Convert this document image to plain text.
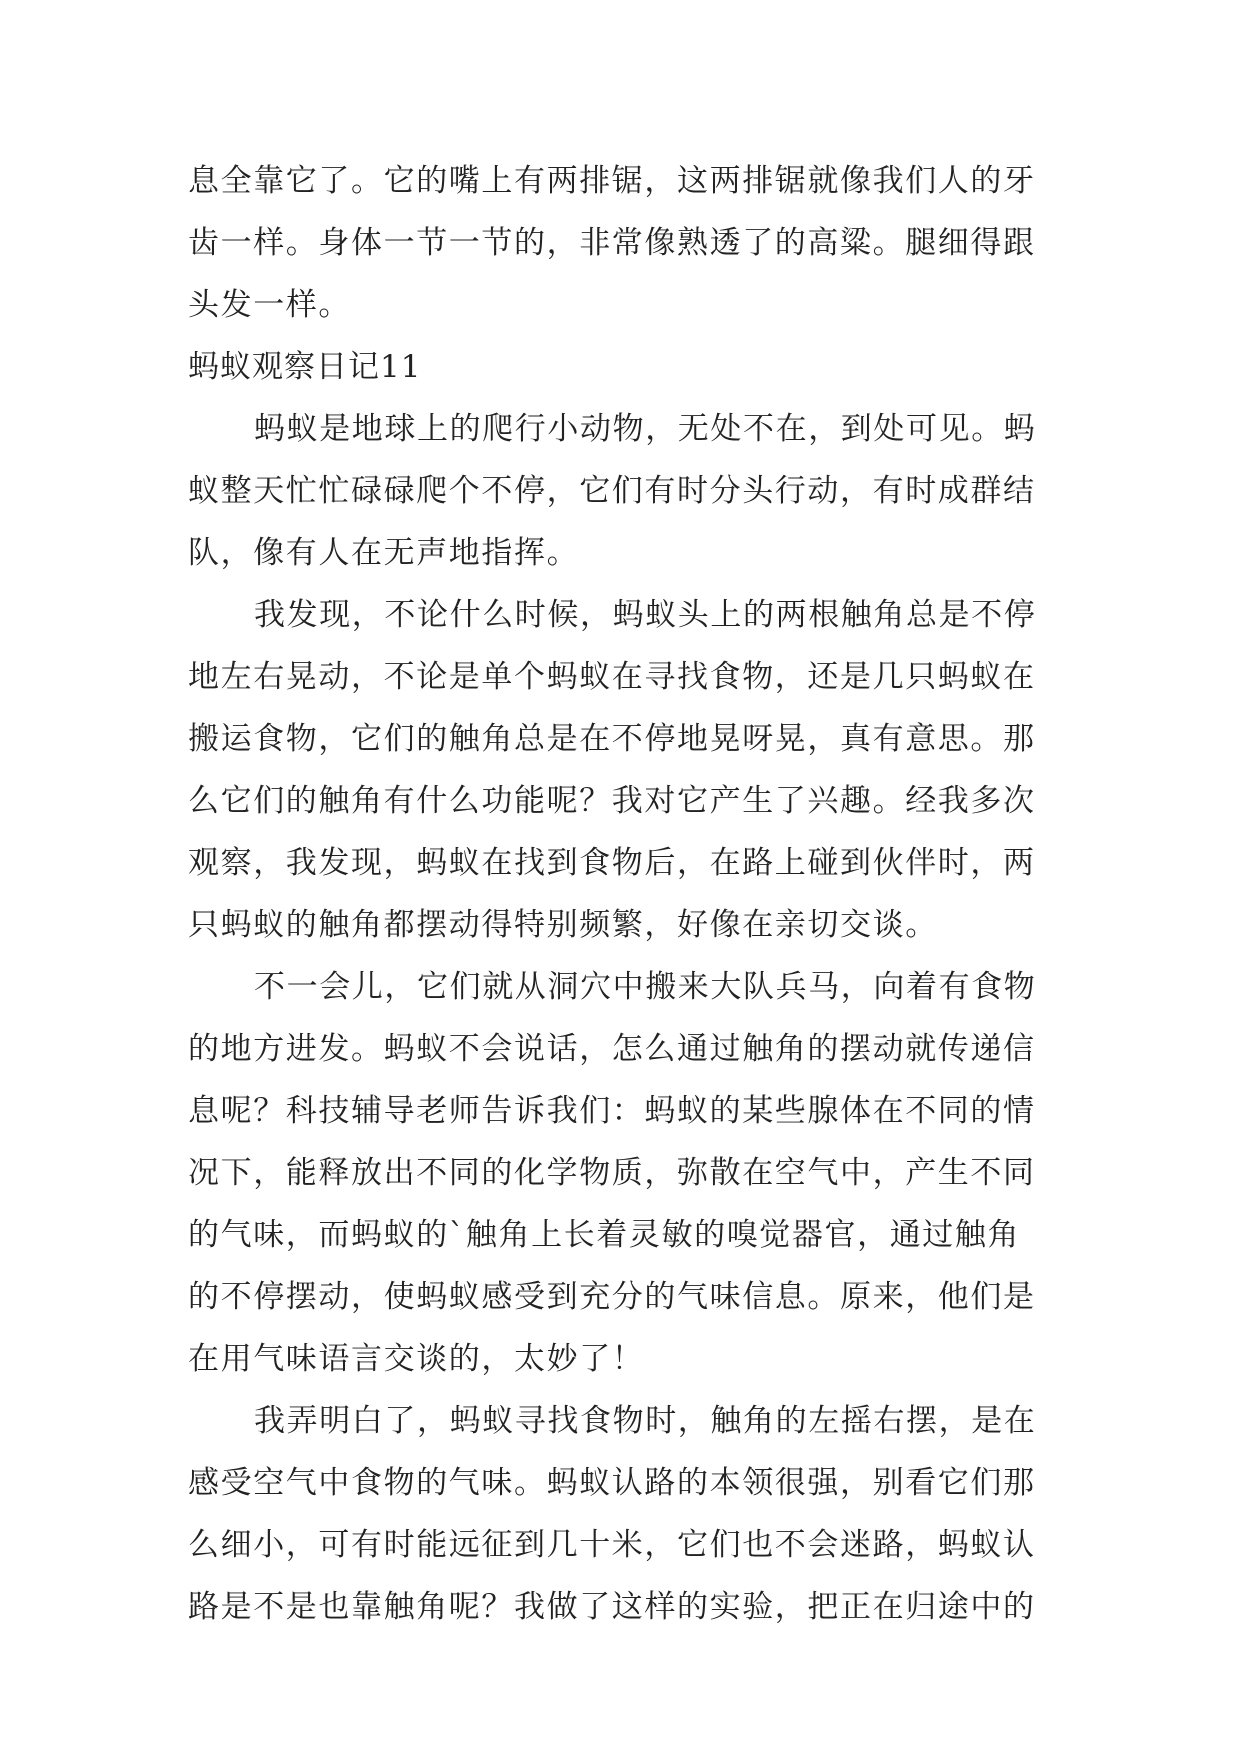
息全靠它了。它的嘴上有两排锯，这两排锯就像我们人的牙
齿一样。身体一节一节的，非常像熟透了的高粱。腿细得跟
头发一样。
蚂蚁观察日记11
蚂蚁是地球上的爬行小动物，无处不在，到处可见。蚂
蚁整天忙忙碌碌爬个不停，它们有时分头行动，有时成群结
队，像有人在无声地指挥。
我发现，不论什么时候，蚂蚁头上的两根触角总是不停
地左右晃动，不论是单个蚂蚁在寻找食物，还是几只蚂蚁在
搬运食物，它们的触角总是在不停地晃呀晃，真有意思。那
么它们的触角有什么功能呢？我对它产生了兴趣。经我多次
观察，我发现，蚂蚁在找到食物后，在路上碰到伙伴时，两
只蚂蚁的触角都摆动得特别频繁，好像在亲切交谈。
不一会儿，它们就从洞穴中搬来大队兵马，向着有食物
的地方进发。蚂蚁不会说话，怎么通过触角的摆动就传递信
息呢？科技辅导老师告诉我们：蚂蚁的某些腺体在不同的情
况下，能释放出不同的化学物质，弥散在空气中，产生不同
的气味，而蚂蚁的`触角上长着灵敏的嗅觉器官，通过触角
的不停摆动，使蚂蚁感受到充分的气味信息。原来，他们是
在用气味语言交谈的，太妙了！
我弄明白了，蚂蚁寻找食物时，触角的左摇右摆，是在
感受空气中食物的气味。蚂蚁认路的本领很强，别看它们那
么细小，可有时能远征到几十米，它们也不会迷路，蚂蚁认
路是不是也靠触角呢？我做了这样的实验，把正在归途中的
